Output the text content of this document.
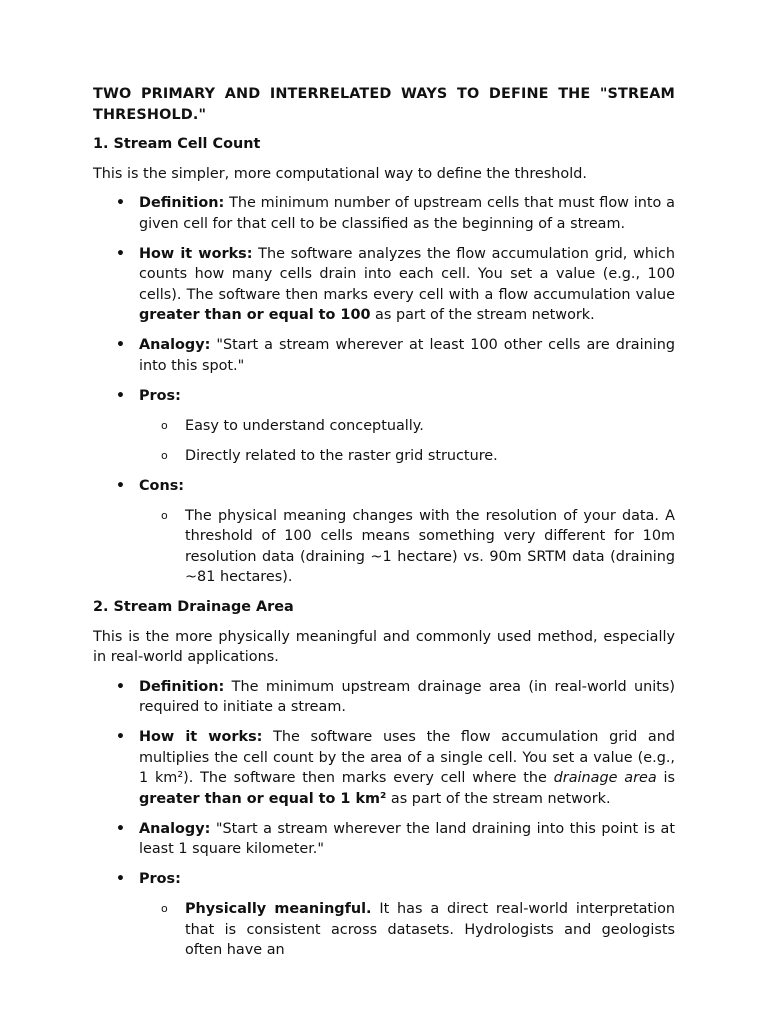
TWO PRIMARY AND INTERRELATED WAYS TO DEFINE THE "STREAM THRESHOLD."

1. Stream Cell Count

This is the simpler, more computational way to define the threshold.

• Definition: The minimum number of upstream cells that must flow into a given cell for that cell to be classified as the beginning of a stream.
• How it works: The software analyzes the flow accumulation grid, which counts how many cells drain into each cell. You set a value (e.g., 100 cells). The software then marks every cell with a flow accumulation value greater than or equal to 100 as part of the stream network.
• Analogy: "Start a stream wherever at least 100 other cells are draining into this spot."
• Pros:
o Easy to understand conceptually.
o Directly related to the raster grid structure.
• Cons:
o The physical meaning changes with the resolution of your data. A threshold of 100 cells means something very different for 10m resolution data (draining ~1 hectare) vs. 90m SRTM data (draining ~81 hectares).

2. Stream Drainage Area

This is the more physically meaningful and commonly used method, especially in real-world applications.

• Definition: The minimum upstream drainage area (in real-world units) required to initiate a stream.
• How it works: The software uses the flow accumulation grid and multiplies the cell count by the area of a single cell. You set a value (e.g., 1 km²). The software then marks every cell where the drainage area is greater than or equal to 1 km² as part of the stream network.
• Analogy: "Start a stream wherever the land draining into this point is at least 1 square kilometer."
• Pros:
o Physically meaningful. It has a direct real-world interpretation that is consistent across datasets. Hydrologists and geologists often have an
